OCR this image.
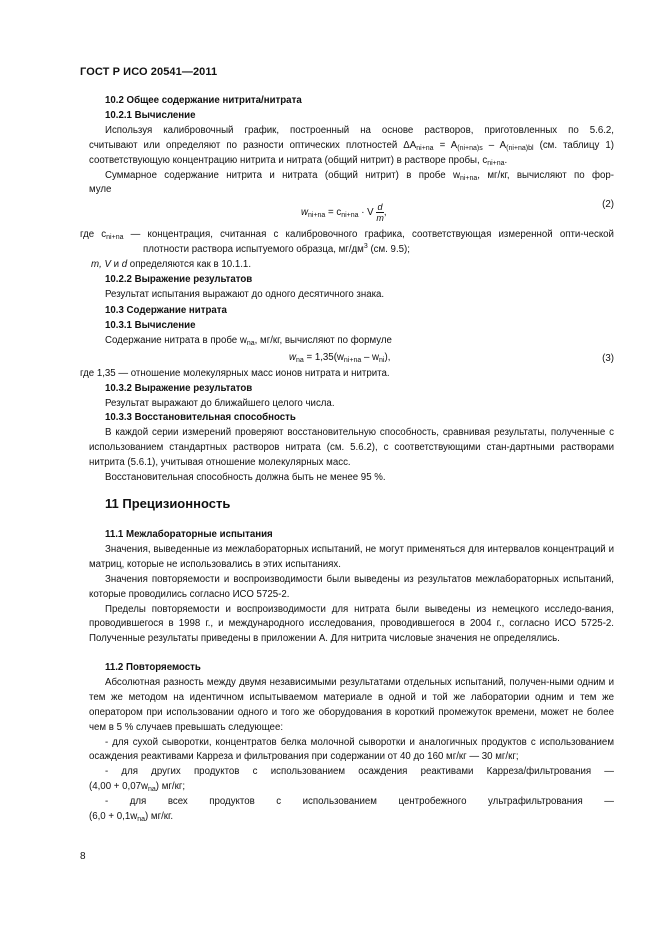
ГОСТ Р ИСО 20541—2011

10.2 Общее содержание нитрита/нитрата

10.2.1 Вычисление

Используя калибровочный график, построенный на основе растворов, приготовленных по 5.6.2,

считывают или определяют по разности оптических плотностей $\Delta A_{ni+na} = A_{(ni+na)s} - A_{(ni+na)bl}$ (см. таблицу 1)

соответствующую концентрацию нитрита и нитрата (общий нитрит) в растворе пробы, $c_{ni+na}$.

Суммарное содержание нитрита и нитрата (общий нитрит) в пробе $w_{ni+na}$, мг/кг, вычисляют по фор-

муле

$w_{ni+na} = c_{ni+na} \cdot V \frac{d}{m}$ ,
(2)

где $c_{ni+na}$ — концентрация, считанная с калибровочного графика, соответствующая измеренной опти-ческой плотности раствора испытуемого образца, $мг/дм^3$ (см. 9.5);

m, V и d определяются как в 10.1.1.

10.2.2 Выражение результатов

Результат испытания выражают до одного десятичного знака.

10.3 Содержание нитрата

10.3.1 Вычисление

Содержание нитрата в пробе $w_{na}$, мг/кг, вычисляют по формуле

$w_{na} = 1,35(w_{ni+na} - w_{ni})$,	(3)

где 1,35 — отношение молекулярных масс ионов нитрата и нитрита.

10.3.2 Выражение результатов

Результат выражают до ближайшего целого числа.

10.3.3 Восстановительная способность

В каждой серии измерений проверяют восстановительную способность, сравнивая результаты, полученные с использованием стандартных растворов нитрата (см. 5.6.2), с соответствующими стан-дартными растворами нитрита (5.6.1), учитывая отношение молекулярных масс.

Восстановительная способность должна быть не менее 95 %.

11 Прецизионность

11.1 Межлабораторные испытания

Значения, выведенные из межлабораторных испытаний, не могут применяться для интервалов концентраций и матриц, которые не использовались в этих испытаниях.

Значения повторяемости и воспроизводимости были выведены из результатов межлабораторных испытаний, которые проводились согласно ИСО 5725-2.

Пределы повторяемости и воспроизводимости для нитрата были выведены из немецкого исследо-вания, проводившегося в 1998 г., и международного исследования, проводившегося в 2004 г., согласно ИСО 5725-2. Полученные результаты приведены в приложении А. Для нитрита числовые значения не определялись.

11.2 Повторяемость

Абсолютная разность между двумя независимыми результатами отдельных испытаний, получен-ными одним и тем же методом на идентичном испытываемом материале в одной и той же лаборатории одним и тем же оператором при использовании одного и того же оборудования в короткий промежуток времени, может не более чем в 5 % случаев превышать следующее:

- для сухой сыворотки, концентратов белка молочной сыворотки и аналогичных продуктов с использованием осаждения реактивами Карреза и фильтрования при содержании от 40 до 160 мг/кг — 30 мг/кг;

- для других продуктов с использованием осаждения реактивами Карреза/фильтрования —

$(4,00 + 0,07w_{na})$ мг/кг;

- для всех продуктов с использованием центробежного ультрафильтрования —

$(6,0 + 0,1w_{na})$ мг/кг.

8
